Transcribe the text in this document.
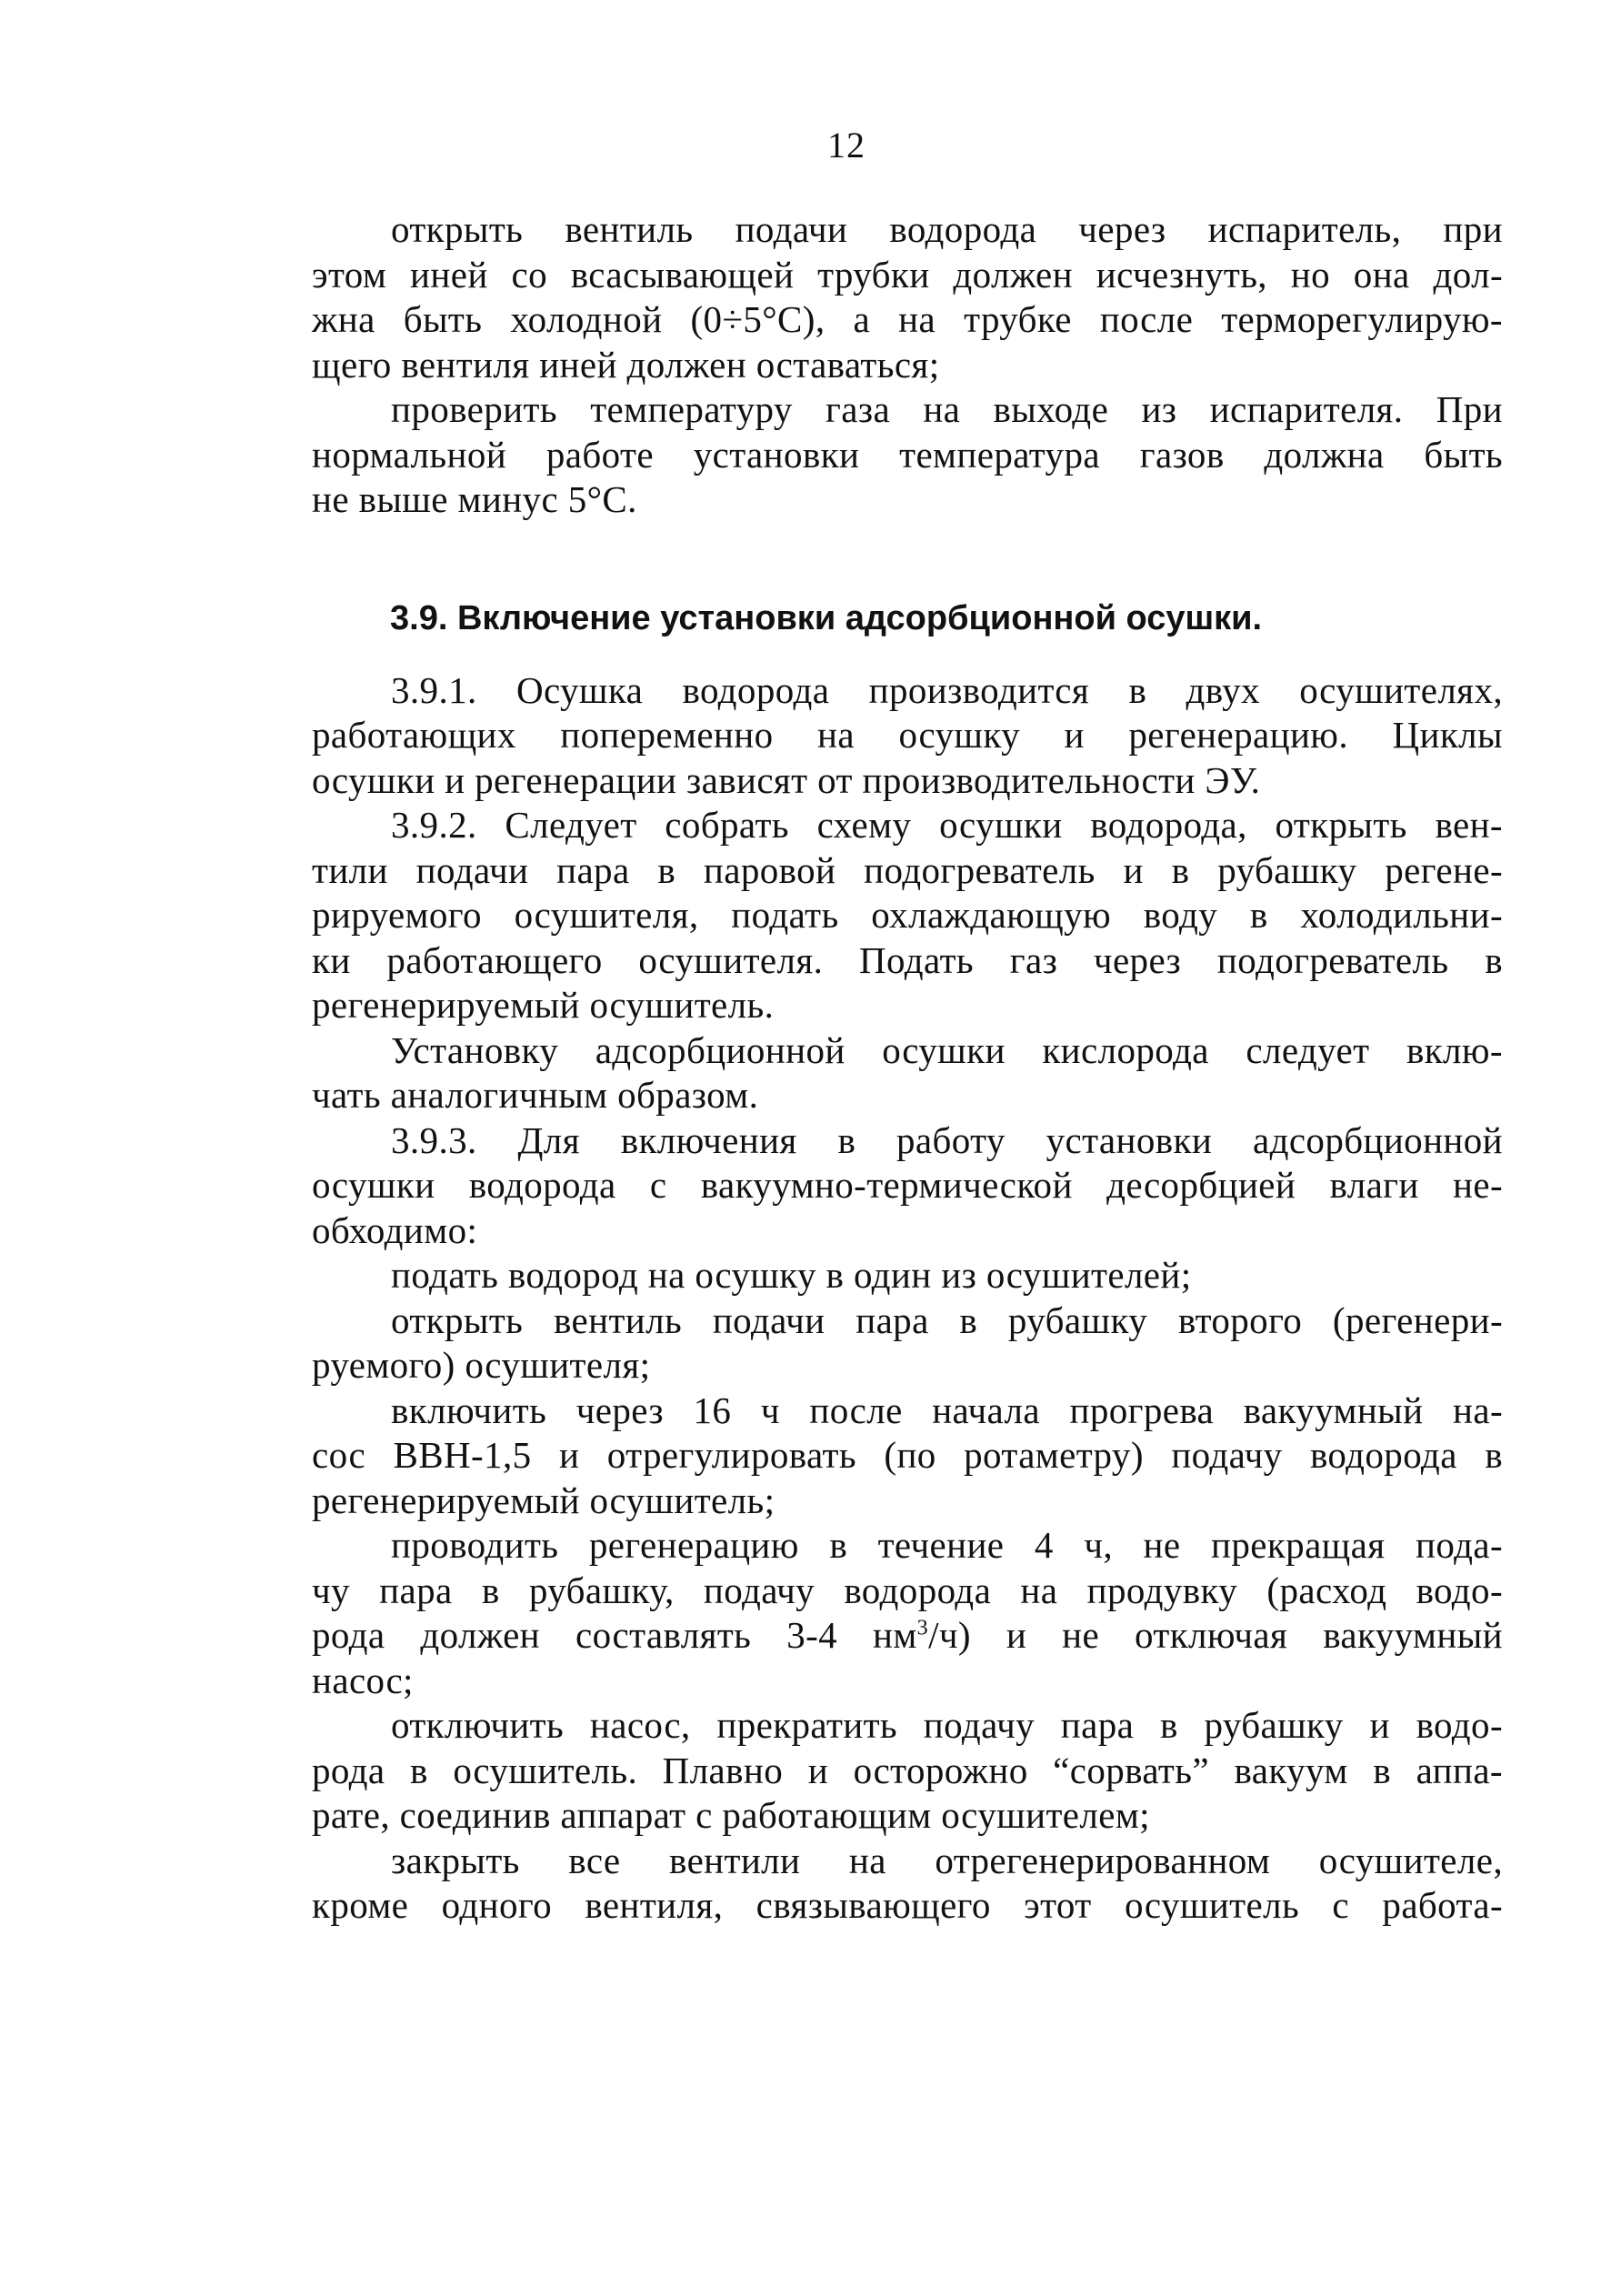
12
открыть вентиль подачи водорода через испаритель, при
этом иней со всасывающей трубки должен исчезнуть, но она дол-
жна быть холодной (0÷5°С), а на трубке после терморегулирую-
щего вентиля иней должен оставаться;
проверить температуру газа на выходе из испарителя. При
нормальной работе установки температура газов должна быть
не выше минус 5°С.
3.9. Включение установки адсорбционной осушки.
3.9.1. Осушка водорода производится в двух осушителях,
работающих попеременно на осушку и регенерацию. Циклы
осушки и регенерации зависят от производительности ЭУ.
3.9.2. Следует собрать схему осушки водорода, открыть вен-
тили подачи пара в паровой подогреватель и в рубашку регене-
рируемого осушителя, подать охлаждающую воду в холодильни-
ки работающего осушителя. Подать газ через подогреватель в
регенерируемый осушитель.
Установку адсорбционной осушки кислорода следует вклю-
чать аналогичным образом.
3.9.3. Для включения в работу установки адсорбционной
осушки водорода с вакуумно-термической десорбцией влаги не-
обходимо:
подать водород на осушку в один из осушителей;
открыть вентиль подачи пара в рубашку второго (регенери-
руемого) осушителя;
включить через 16 ч после начала прогрева вакуумный на-
сос ВВН-1,5 и отрегулировать (по ротаметру) подачу водорода в
регенерируемый осушитель;
проводить регенерацию в течение 4 ч, не прекращая пода-
чу пара в рубашку, подачу водорода на продувку (расход водо-
рода должен составлять 3-4 $нм^3/ч$) и не отключая вакуумный
насос;
отключить насос, прекратить подачу пара в рубашку и водо-
рода в осушитель. Плавно и осторожно “сорвать” вакуум в аппа-
рате, соединив аппарат с работающим осушителем;
закрыть все вентили на отрегенерированном осушителе,
кроме одного вентиля, связывающего этот осушитель с работа-
